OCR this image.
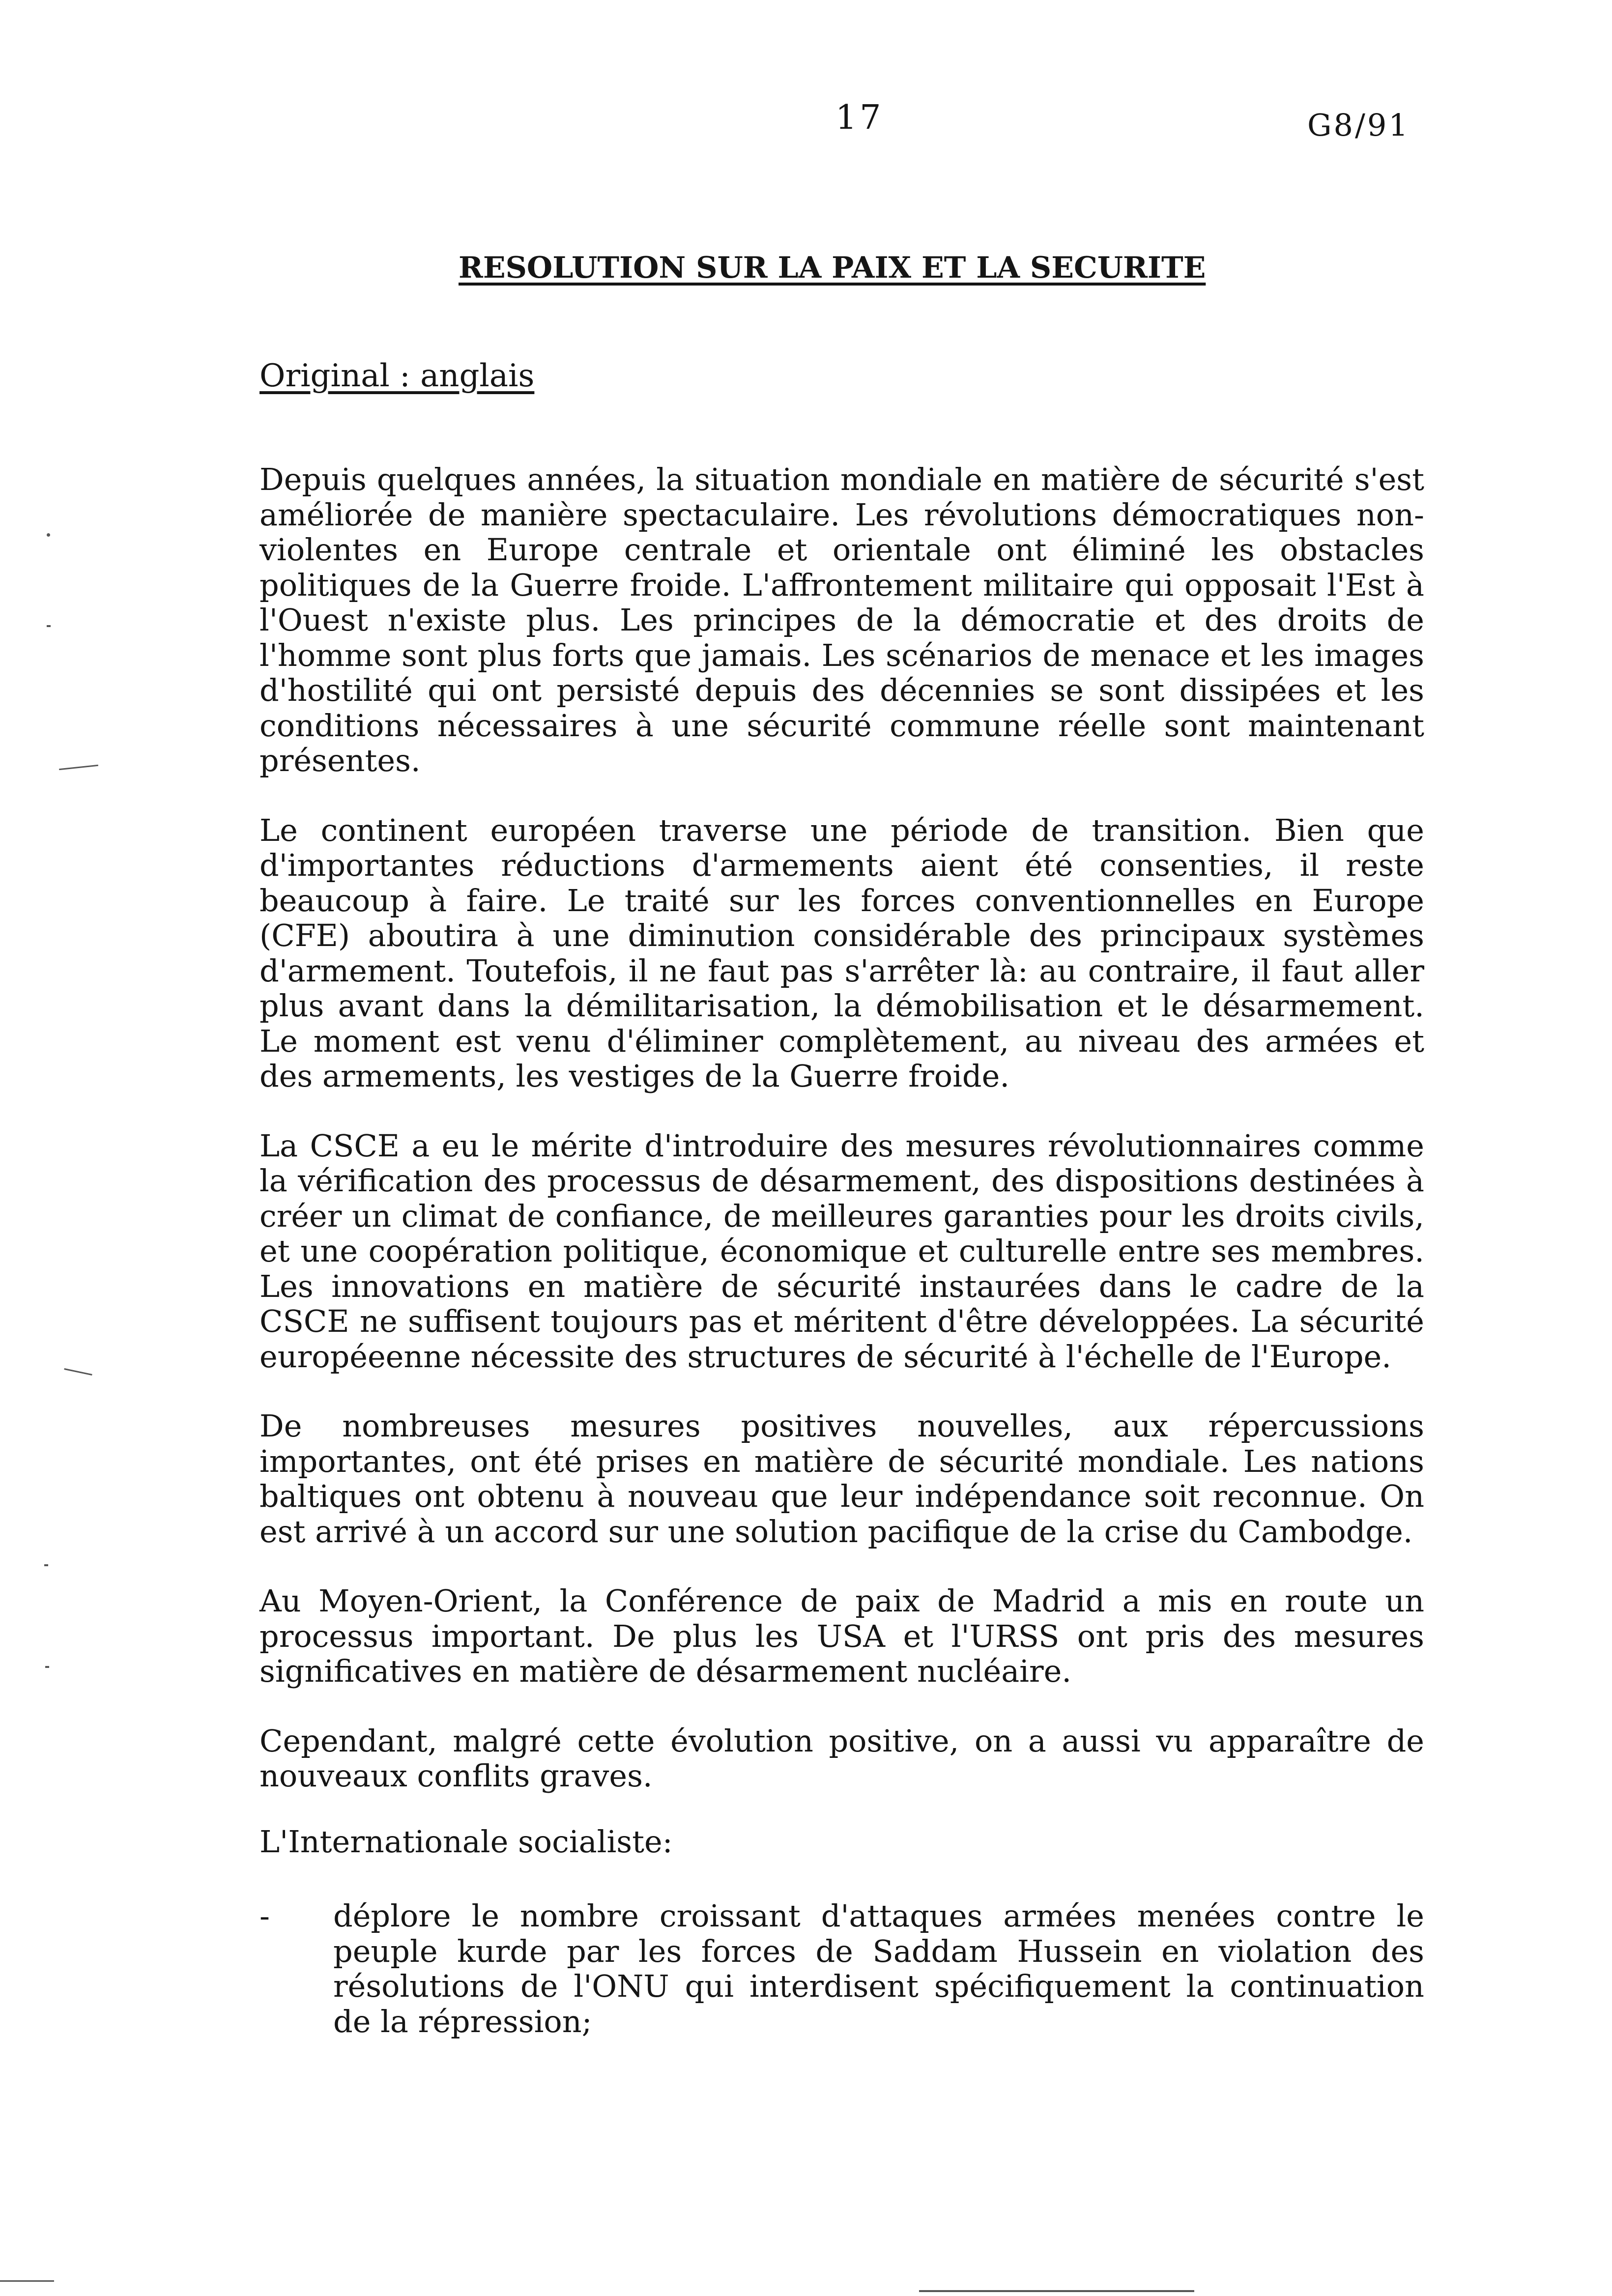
17	G8/91
RESOLUTION SUR LA PAIX ET LA SECURITE
Original : anglais

Depuis quelques années, la situation mondiale en matière de sécurité s'est améliorée de manière spectaculaire. Les révolutions démocratiques non-violentes en Europe centrale et orientale ont éliminé les obstacles politiques de la Guerre froide. L'affrontement militaire qui opposait l'Est à l'Ouest n'existe plus. Les principes de la démocratie et des droits de l'homme sont plus forts que jamais. Les scénarios de menace et les images d'hostilité qui ont persisté depuis des décennies se sont dissipées et les conditions nécessaires à une sécurité commune réelle sont maintenant présentes.

Le continent européen traverse une période de transition. Bien que d'importantes réductions d'armements aient été consenties, il reste beaucoup à faire. Le traité sur les forces conventionnelles en Europe (CFE) aboutira à une diminution considérable des principaux systèmes d'armement. Toutefois, il ne faut pas s'arrêter là: au contraire, il faut aller plus avant dans la démilitarisation, la démobilisation et le désarmement. Le moment est venu d'éliminer complètement, au niveau des armées et des armements, les vestiges de la Guerre froide.

La CSCE a eu le mérite d'introduire des mesures révolutionnaires comme la vérification des processus de désarmement, des dispositions destinées à créer un climat de confiance, de meilleures garanties pour les droits civils, et une coopération politique, économique et culturelle entre ses membres. Les innovations en matière de sécurité instaurées dans le cadre de la CSCE ne suffisent toujours pas et méritent d'être développées. La sécurité européeenne nécessite des structures de sécurité à l'échelle de l'Europe.

De nombreuses mesures positives nouvelles, aux répercussions importantes, ont été prises en matière de sécurité mondiale. Les nations baltiques ont obtenu à nouveau que leur indépendance soit reconnue. On est arrivé à un accord sur une solution pacifique de la crise du Cambodge.

Au Moyen-Orient, la Conférence de paix de Madrid a mis en route un processus important. De plus les USA et l'URSS ont pris des mesures significatives en matière de désarmement nucléaire.

Cependant, malgré cette évolution positive, on a aussi vu apparaître de nouveaux conflits graves.

L'Internationale socialiste:

-	déplore le nombre croissant d'attaques armées menées contre le peuple kurde par les forces de Saddam Hussein en violation des résolutions de l'ONU qui interdisent spécifiquement la continuation de la répression;
